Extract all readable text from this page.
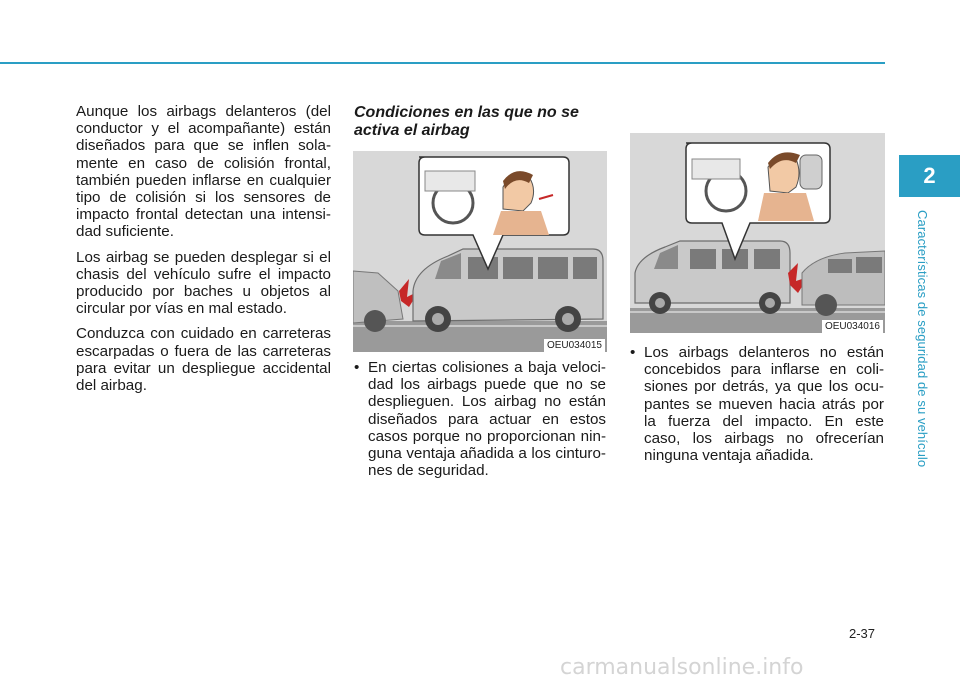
Aunque los airbags delanteros (del conductor y el acompañante) están diseñados para que se inflen sola- mente en caso de colisión frontal, también pueden inflarse en cualquier tipo de colisión si los sensores de impacto frontal detectan una intensi- dad suficiente.

Los airbag se pueden desplegar si el chasis del vehículo sufre el impacto producido por baches u objetos al circular por vías en mal estado.

Conduzca con cuidado en carreteras escarpadas o fuera de las carreteras para evitar un despliegue accidental del airbag.

Condiciones en las que no se activa el airbag
OEU034015
• En ciertas colisiones a baja veloci- dad los airbags puede que no se desplieguen. Los airbag no están diseñados para actuar en estos casos porque no proporcionan nin- guna ventaja añadida a los cinturo- nes de seguridad.
OEU034016
• Los airbags delanteros no están concebidos para inflarse en coli- siones por detrás, ya que los ocu- pantes se mueven hacia atrás por la fuerza del impacto. En este caso, los airbags no ofrecerían ninguna ventaja añadida.
2
Características de seguridad de su vehículo
2-37
carmanualsonline.info
